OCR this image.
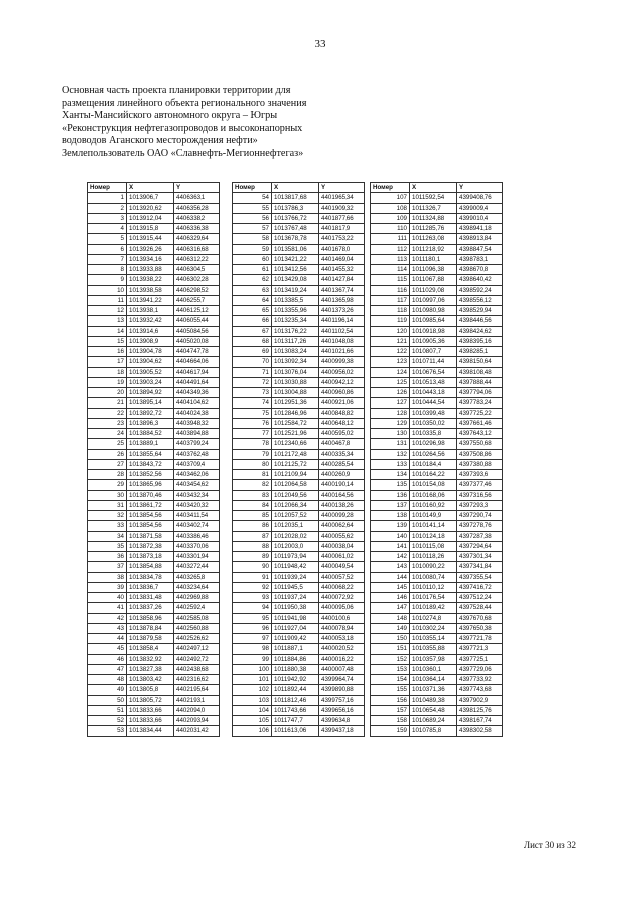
33
Основная часть проекта планировки территории для
размещения линейного объекта регионального значения
Ханты-Мансийского автономного округа – Югры
«Реконструкция нефтегазопроводов и высоконапорных
водоводов Аганского месторождения нефти»
Землепользователь ОАО «Славнефть-Мегионнефтегаз»
Номер	X	Y
1	1013906,7	4406363,1
2	1013920,62	4406356,28
3	1013912,04	4406338,2
4	1013915,8	4406336,38
5	1013915,44	4406329,64
6	1013926,26	4406316,68
7	1013934,16	4406312,22
8	1013933,88	4406304,5
9	1013938,22	4406302,28
10	1013938,58	4406298,52
11	1013941,22	4406255,7
12	1013938,1	4406125,12
13	1013932,42	4406055,44
14	1013914,6	4405084,56
15	1013908,9	4405020,08
16	1013904,78	4404747,78
17	1013904,62	4404664,06
18	1013905,52	4404617,94
19	1013903,24	4404491,64
20	1013894,92	4404349,36
21	1013895,14	4404104,62
22	1013892,72	4404024,38
23	1013896,3	4403948,32
24	1013884,52	4403894,88
25	1013889,1	4403799,24
26	1013855,64	4403762,48
27	1013843,72	4403709,4
28	1013852,56	4403462,06
29	1013865,96	4403454,62
30	1013870,46	4403432,34
31	1013861,72	4403420,32
32	1013854,56	4403411,54
33	1013854,56	4403402,74
34	1013871,58	4403386,46
35	1013872,38	4403370,06
36	1013873,18	4403301,94
37	1013854,88	4403272,44
38	1013834,78	4403265,8
39	1013836,7	4403234,64
40	1013831,48	4402969,88
41	1013837,26	4402592,4
42	1013858,96	4402585,08
43	1013878,84	4402560,88
44	1013879,58	4402526,62
45	1013858,4	4402497,12
46	1013832,92	4402492,72
47	1013827,38	4402438,68
48	1013803,42	4402316,62
49	1013805,8	4402195,64
50	1013805,72	4402193,1
51	1013833,66	4402094,0
52	1013833,66	4402093,94
53	1013834,44	4402031,42
Номер	X	Y
54	1013817,68	4401965,34
55	1013786,3	4401909,32
56	1013766,72	4401877,66
57	1013767,48	4401817,9
58	1013678,78	4401753,22
59	1013581,06	4401678,0
60	1013421,22	4401469,04
61	1013412,56	4401455,32
62	1013429,08	4401427,84
63	1013419,24	4401367,74
64	1013385,5	4401365,98
65	1013355,96	4401373,26
66	1013235,34	4401196,14
67	1013176,22	4401102,54
68	1013117,26	4401048,08
69	1013083,24	4401021,66
70	1013092,34	4400999,38
71	1013076,04	4400956,02
72	1013030,88	4400942,12
73	1013004,88	4400960,86
74	1012951,36	4400921,06
75	1012846,96	4400848,82
76	1012584,72	4400648,12
77	1012521,96	4400595,02
78	1012340,66	4400467,8
79	1012172,48	4400335,34
80	1012125,72	4400285,54
81	1012109,94	4400260,9
82	1012064,58	4400190,14
83	1012049,56	4400164,56
84	1012066,34	4400138,26
85	1012057,52	4400099,28
86	1012035,1	4400062,64
87	1012028,02	4400055,62
88	1012003,0	4400038,04
89	1011973,94	4400061,02
90	1011948,42	4400049,54
91	1011939,24	4400057,52
92	1011945,5	4400068,22
93	1011937,24	4400072,92
94	1011950,38	4400095,06
95	1011941,98	4400100,6
96	1011927,04	4400078,94
97	1011909,42	4400053,18
98	1011887,1	4400020,52
99	1011884,86	4400016,22
100	1011880,38	4400007,48
101	1011942,92	4399964,74
102	1011892,44	4399890,88
103	1011812,46	4399757,16
104	1011743,66	4399656,16
105	1011747,7	4399634,8
106	1011613,06	4399437,18
Номер	X	Y
107	1011592,54	4399408,76
108	1011326,7	4399009,4
109	1011324,88	4399010,4
110	1011285,76	4398941,18
111	1011263,08	4398913,84
112	1011218,92	4398847,54
113	1011180,1	4398783,1
114	1011096,38	4398670,8
115	1011067,88	4398640,42
116	1011029,08	4398592,24
117	1010997,06	4398556,12
118	1010980,98	4398529,94
119	1010985,64	4398446,56
120	1010918,98	4398424,62
121	1010905,36	4398395,16
122	1010807,7	4398285,1
123	1010711,44	4398150,64
124	1010676,54	4398108,48
125	1010513,48	4397888,44
126	1010443,18	4397794,06
127	1010444,54	4397783,24
128	1010399,48	4397725,22
129	1010350,02	4397661,46
130	1010335,8	4397643,12
131	1010296,98	4397550,68
132	1010264,56	4397508,86
133	1010184,4	4397380,88
134	1010164,22	4397393,6
135	1010154,08	4397377,46
136	1010168,06	4397316,56
137	1010160,92	4397293,3
138	1010149,9	4397290,74
139	1010141,14	4397278,76
140	1010124,18	4397287,38
141	1010115,08	4397294,64
142	1010118,26	4397301,34
143	1010090,22	4397341,84
144	1010080,74	4397355,54
145	1010110,12	4397416,72
146	1010176,54	4397512,24
147	1010189,42	4397528,44
148	1010274,8	4397670,68
149	1010302,24	4397650,38
150	1010355,14	4397721,78
151	1010355,88	4397721,3
152	1010357,98	4397725,1
153	1010360,1	4397729,06
154	1010364,14	4397733,92
155	1010371,36	4397743,68
156	1010489,38	4397902,9
157	1010654,48	4398125,76
158	1010689,24	4398167,74
159	1010785,8	4398302,58
Лист 30 из 32
